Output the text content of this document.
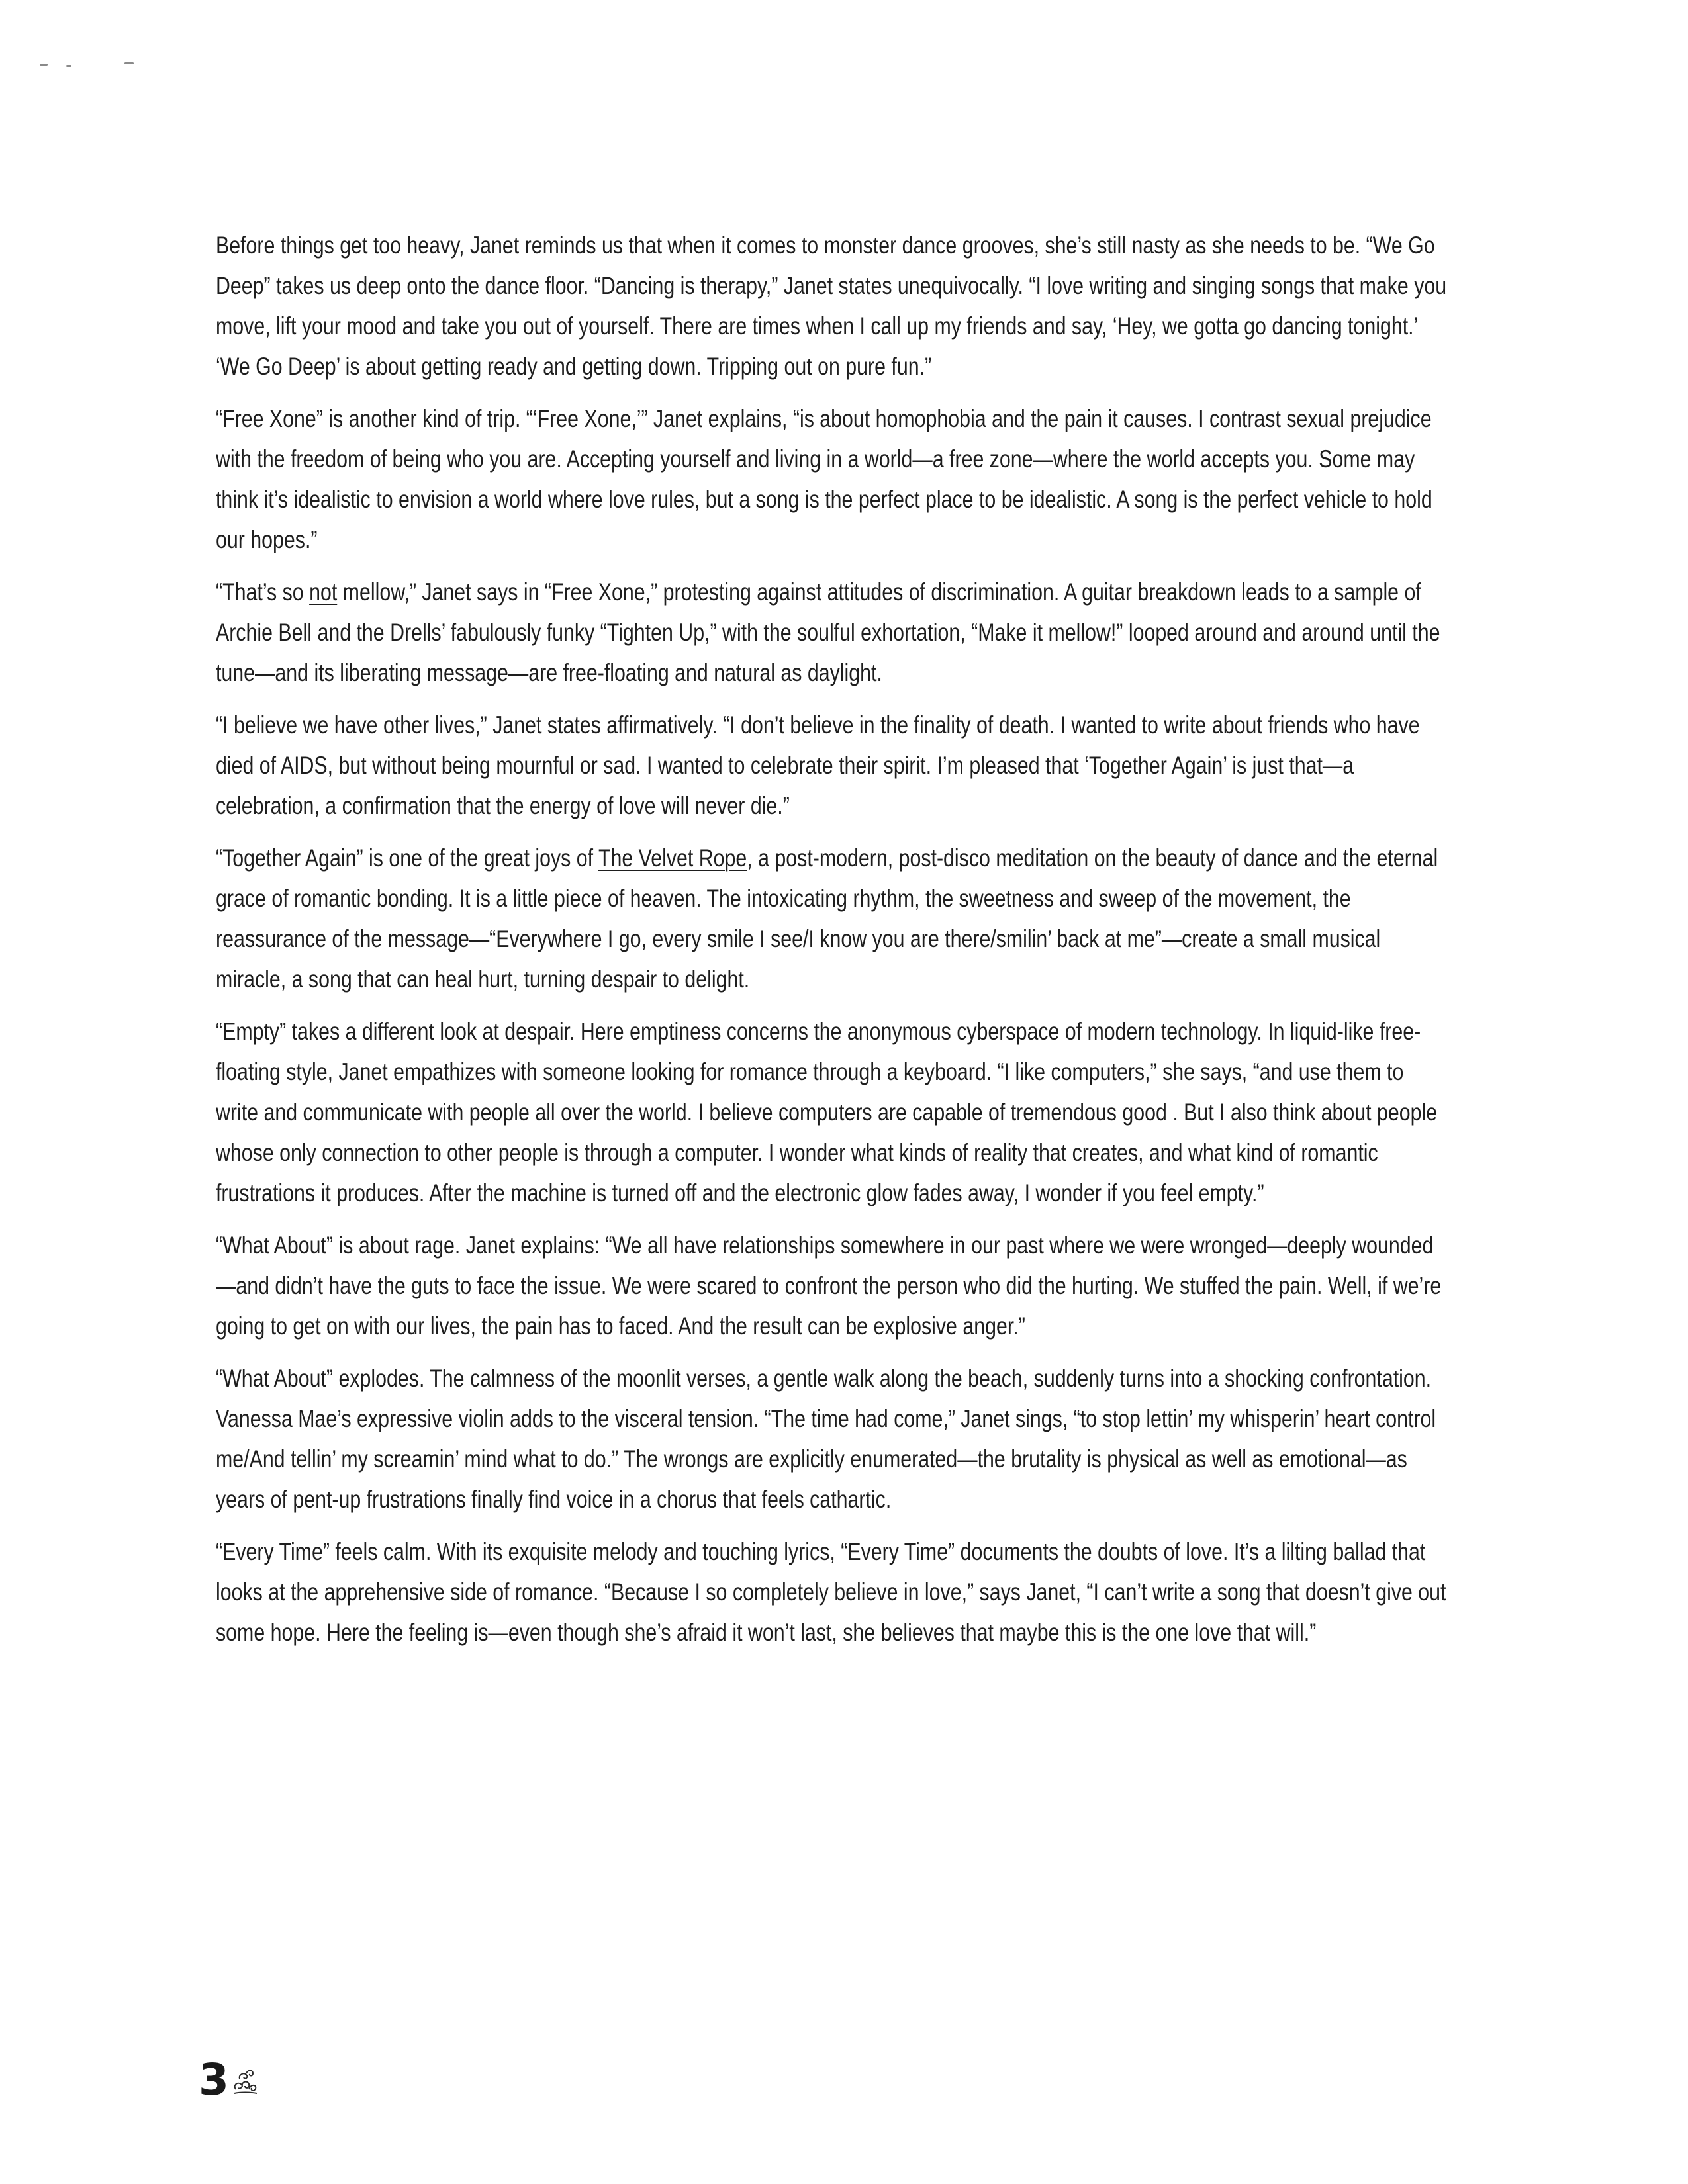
Before things get too heavy, Janet reminds us that when it comes to monster dance grooves, she’s still nasty as she needs to be. “We Go Deep” takes us deep onto the dance floor. “Dancing is therapy,” Janet states unequivocally. “I love writing and singing songs that make you move, lift your mood and take you out of yourself. There are times when I call up my friends and say, ‘Hey, we gotta go dancing tonight.’ ‘We Go Deep’ is about getting ready and getting down. Tripping out on pure fun.”

“Free Xone” is another kind of trip. “‘Free Xone,’” Janet explains, “is about homophobia and the pain it causes. I contrast sexual prejudice with the freedom of being who you are. Accepting yourself and living in a world—a free zone—where the world accepts you. Some may think it’s idealistic to envision a world where love rules, but a song is the perfect place to be idealistic. A song is the perfect vehicle to hold our hopes.”

“That’s so not mellow,” Janet says in “Free Xone,” protesting against attitudes of discrimination. A guitar breakdown leads to a sample of Archie Bell and the Drells’ fabulously funky “Tighten Up,” with the soulful exhortation, “Make it mellow!” looped around and around until the tune—and its liberating message—are free-floating and natural as daylight.

“I believe we have other lives,” Janet states affirmatively. “I don’t believe in the finality of death. I wanted to write about friends who have died of AIDS, but without being mournful or sad. I wanted to celebrate their spirit. I’m pleased that ‘Together Again’ is just that—a celebration, a confirmation that the energy of love will never die.”

“Together Again” is one of the great joys of The Velvet Rope, a post-modern, post-disco meditation on the beauty of dance and the eternal grace of romantic bonding. It is a little piece of heaven. The intoxicating rhythm, the sweetness and sweep of the movement, the reassurance of the message—“Everywhere I go, every smile I see/I know you are there/smilin’ back at me”—create a small musical miracle, a song that can heal hurt, turning despair to delight.

“Empty” takes a different look at despair. Here emptiness concerns the anonymous cyberspace of modern technology. In liquid-like free-floating style, Janet empathizes with someone looking for romance through a keyboard. “I like computers,” she says, “and use them to write and communicate with people all over the world. I believe computers are capable of tremendous good . But I also think about people whose only connection to other people is through a computer. I wonder what kinds of reality that creates, and what kind of romantic frustrations it produces. After the machine is turned off and the electronic glow fades away, I wonder if you feel empty.”

“What About” is about rage. Janet explains: “We all have relationships somewhere in our past where we were wronged—deeply wounded—and didn’t have the guts to face the issue. We were scared to confront the person who did the hurting. We stuffed the pain. Well, if we’re going to get on with our lives, the pain has to faced. And the result can be explosive anger.”

“What About” explodes. The calmness of the moonlit verses, a gentle walk along the beach, suddenly turns into a shocking confrontation. Vanessa Mae’s expressive violin adds to the visceral tension. “The time had come,” Janet sings, “to stop lettin’ my whisperin’ heart control me/And tellin’ my screamin’ mind what to do.” The wrongs are explicitly enumerated—the brutality is physical as well as emotional—as years of pent-up frustrations finally find voice in a chorus that feels cathartic.

“Every Time” feels calm. With its exquisite melody and touching lyrics, “Every Time” documents the doubts of love. It’s a lilting ballad that looks at the apprehensive side of romance. “Because I so completely believe in love,” says Janet, “I can’t write a song that doesn’t give out some hope. Here the feeling is—even though she’s afraid it won’t last, she believes that maybe this is the one love that will.”

3
